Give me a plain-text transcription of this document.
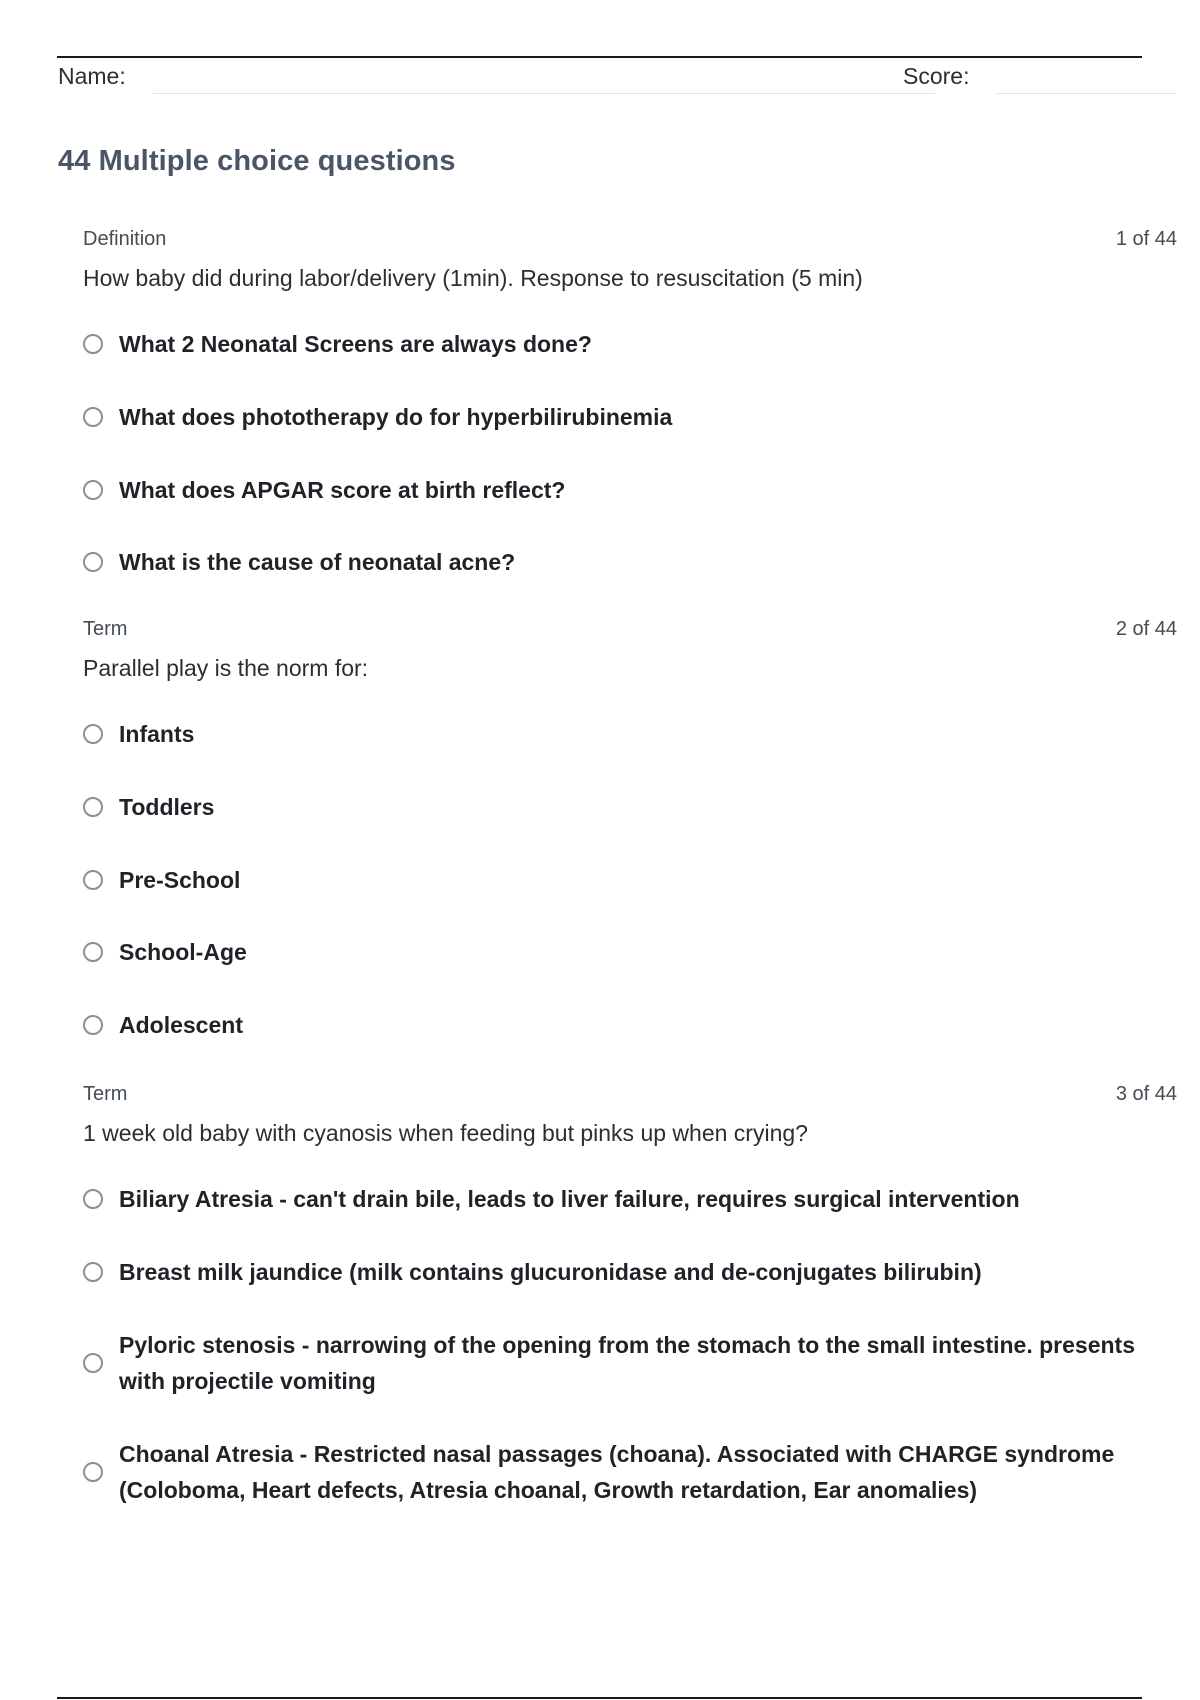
Name:	Score:
44 Multiple choice questions
Definition	1 of 44
How baby did during labor/delivery (1min). Response to resuscitation (5 min)
What 2 Neonatal Screens are always done?
What does phototherapy do for hyperbilirubinemia
What does APGAR score at birth reflect?
What is the cause of neonatal acne?
Term	2 of 44
Parallel play is the norm for:
Infants
Toddlers
Pre-School
School-Age
Adolescent
Term	3 of 44
1 week old baby with cyanosis when feeding but pinks up when crying?
Biliary Atresia - can't drain bile, leads to liver failure, requires surgical intervention
Breast milk jaundice (milk contains glucuronidase and de-conjugates bilirubin)
Pyloric stenosis - narrowing of the opening from the stomach to the small intestine. presents with projectile vomiting
Choanal Atresia - Restricted nasal passages (choana). Associated with CHARGE syndrome (Coloboma, Heart defects, Atresia choanal, Growth retardation, Ear anomalies)
